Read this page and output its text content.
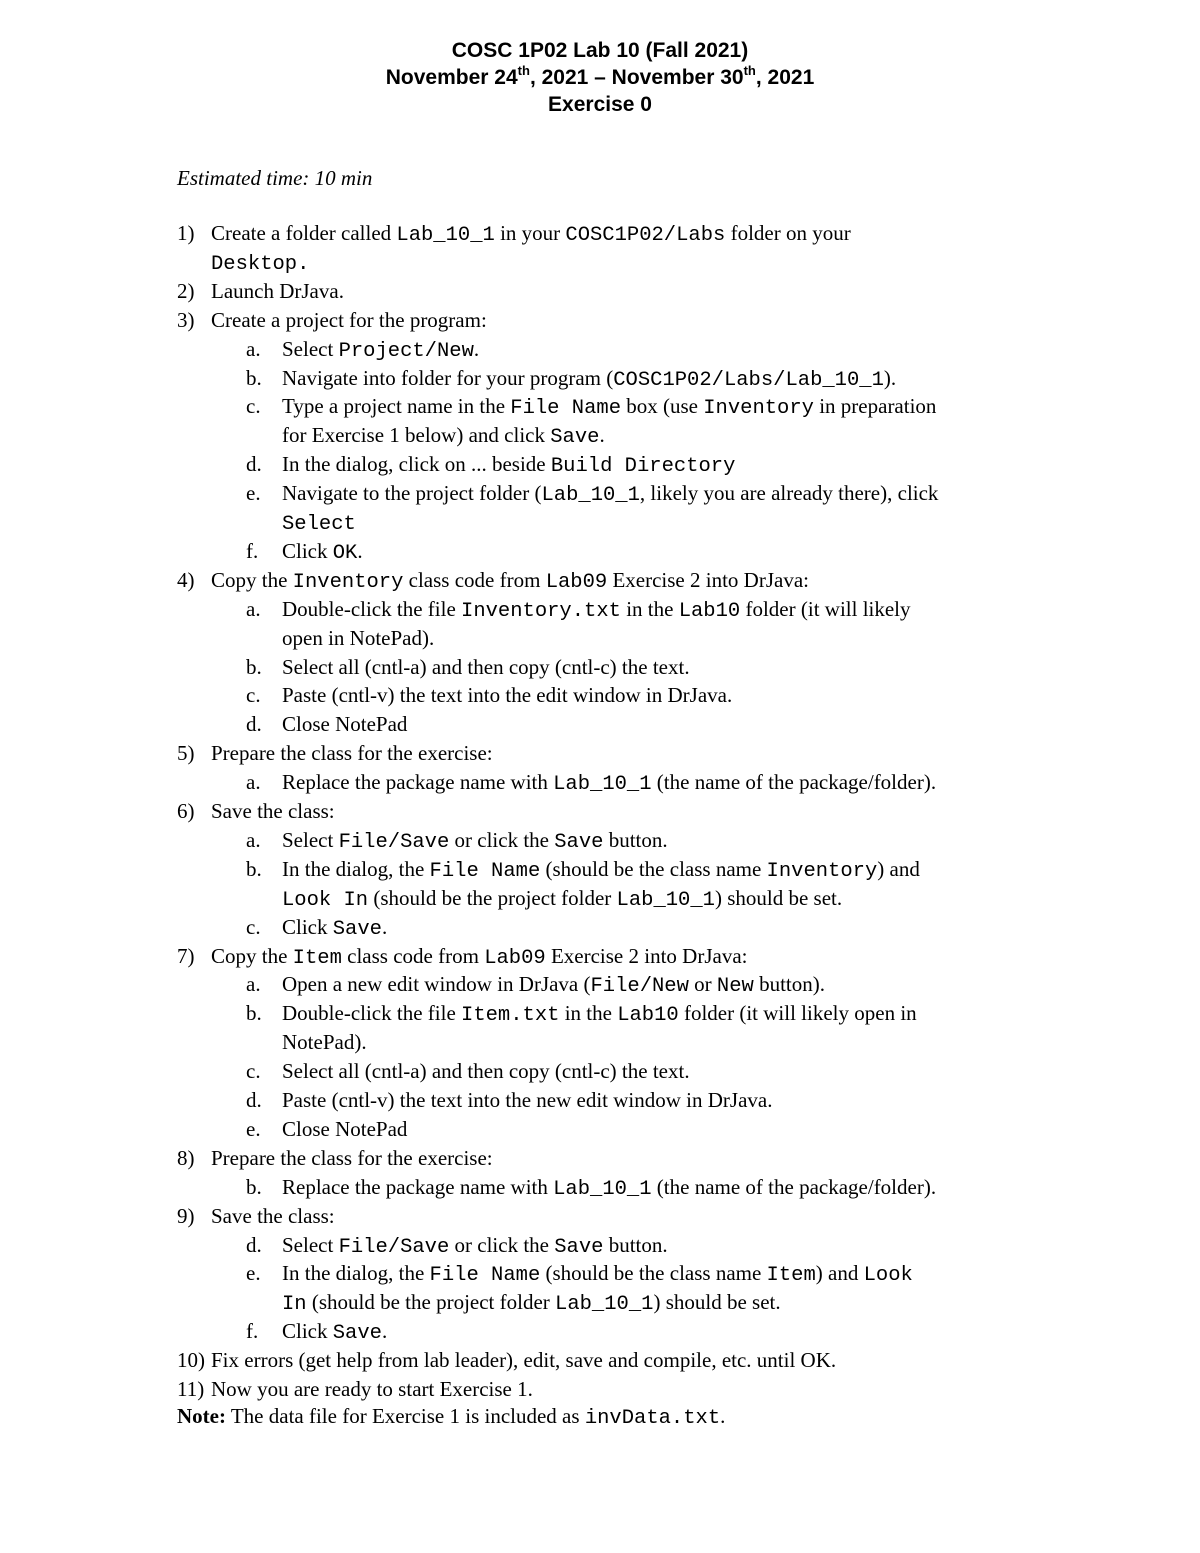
COSC 1P02 Lab 10 (Fall 2021)
November 24th, 2021 – November 30th, 2021
Exercise 0
Estimated time: 10 min
1) Create a folder called Lab_10_1 in your COSC1P02/Labs folder on your
Desktop.
2) Launch DrJava.
3) Create a project for the program:
a. Select Project/New.
b. Navigate into folder for your program (COSC1P02/Labs/Lab_10_1).
c. Type a project name in the File Name box (use Inventory in preparation
for Exercise 1 below) and click Save.
d. In the dialog, click on ... beside Build Directory
e. Navigate to the project folder (Lab_10_1, likely you are already there), click
Select
f. Click OK.
4) Copy the Inventory class code from Lab09 Exercise 2 into DrJava:
a. Double-click the file Inventory.txt in the Lab10 folder (it will likely
open in NotePad).
b. Select all (cntl-a) and then copy (cntl-c) the text.
c. Paste (cntl-v) the text into the edit window in DrJava.
d. Close NotePad
5) Prepare the class for the exercise:
a. Replace the package name with Lab_10_1 (the name of the package/folder).
6) Save the class:
a. Select File/Save or click the Save button.
b. In the dialog, the File Name (should be the class name Inventory) and
Look In (should be the project folder Lab_10_1) should be set.
c. Click Save.
7) Copy the Item class code from Lab09 Exercise 2 into DrJava:
a. Open a new edit window in DrJava (File/New or New button).
b. Double-click the file Item.txt in the Lab10 folder (it will likely open in
NotePad).
c. Select all (cntl-a) and then copy (cntl-c) the text.
d. Paste (cntl-v) the text into the new edit window in DrJava.
e. Close NotePad
8) Prepare the class for the exercise:
b. Replace the package name with Lab_10_1 (the name of the package/folder).
9) Save the class:
d. Select File/Save or click the Save button.
e. In the dialog, the File Name (should be the class name Item) and Look
In (should be the project folder Lab_10_1) should be set.
f. Click Save.
10) Fix errors (get help from lab leader), edit, save and compile, etc. until OK.
11) Now you are ready to start Exercise 1.
Note: The data file for Exercise 1 is included as invData.txt.
